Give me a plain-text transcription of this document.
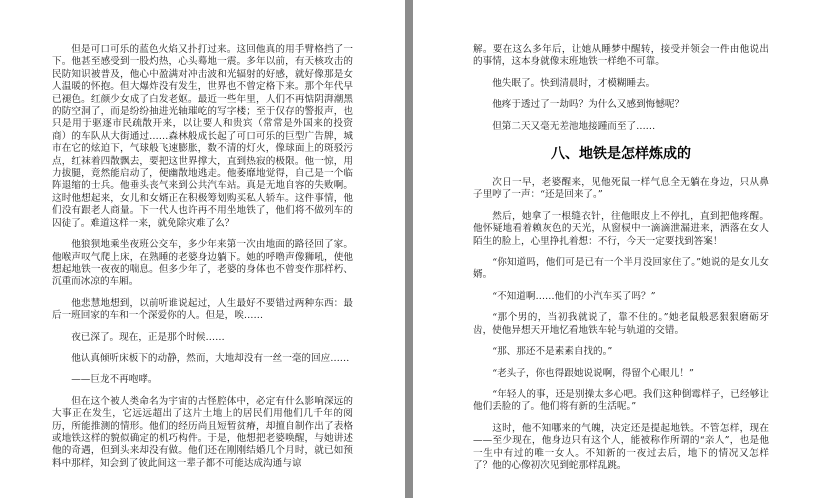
但是可口可乐的蓝色火焰又扑打过来。这回他真的用手臂格挡了一下。他甚至感受到一股灼热，心头蓦地一震。多年以前，有天核攻击的民防知识被普及，他心中盈满对冲击波和光辐射的好感，就好像那是女人温暖的怀抱。但大爆炸没有发生，世界也不曾定格下来。那个年代早已褪色。红颜少女成了白发老妪。最近一些年里，人们不再惦阴湃潮黑的防空洞了，而是纷纷抽进光轴璀屹的写字楼；至于仅存的警报声，也只是用于驱逐市民疏散开来，以让要人和贵宾（常常是外国来的投资商）的车队从大街通过……森林般成长起了可口可乐的巨型广告牌，城市在它的炫迫下，气球般飞速膨胀，数不清的灯火，像球面上的斑驳污点，红袜着四散飘去，要把这世界撑大，直到热寂的极限。他一惊，用力拔腿，竟然能启动了，便幽散地逃走。他萎靡地觉得，自己是一个临阵退缩的士兵。他垂头丧气来到公共汽车站。真是无地自容的失败啊。这时他想起来，女儿和女婿正在积极筹划购买私人轿车。这件事情，他们没有跟老人商量。下一代人也许再不用坐地铁了，他们将不做列车的囚徒了。难道这样一来，就免除灾难了么？

他狼狈地乘坐夜班公交车，多少年来第一次由地面的路径回了家。他喉声叹气爬上床，在熟睡的老婆身边躺下。她的呼噜声像狮吼，使他想起地铁一夜夜的喘息。但多少年了，老婆的身体也不曾变作那样朽、沉重而冰凉的车厢。

他悲慧地想到，以前听谁说起过，人生最好不要错过两种东西：最后一班回家的车和一个深爱你的人。但是，唉……

夜已深了。现在，正是那个时候……

他认真倾听床板下的动静，然而，大地却没有一丝一毫的回应……

——巨龙不再咆哮。

但在这个被人类命名为宇宙的古怪腔体中，必定有什么影响深远的大事正在发生，它远远超出了这片土地上的居民们用他们几千年的阅历，所能推测的情形。他们的经历尚且短暂贫瘠，却擅自制作出了表格或地铁这样的貌似确定的机巧构件。于是，他想把老婆唤醒，与她讲述他的奇遇，但到头来却没有做。他们还在刚刚结婚几个月时，就已如预料中那样，知会到了彼此间这一辈子都不可能达成沟通与谅

解。要在这么多年后，让她从睡梦中醒转，接受并领会一件由他说出的事情，这本身就像末班地铁一样绝不可靠。

他失眠了。快到清晨时，才模糊睡去。

他疼于透过了一劫吗？为什么又感到悔憾呢？

但第二天又毫无差池地接踵而至了……

八、地铁是怎样炼成的

次日一早，老婆醒来，见他死鼠一样气息全无躺在身边，只从鼻子里哼了一声：“还是回来了。”

然后，她拿了一根缝衣针，往他眼皮上不停扎，直到把他疼醒。他怀疑地看着赖灰色的天光，从窗棂中一滴滴泄漏进来，洒落在女人陌生的脸上，心里挣扎着想：不行，今天一定要找到答案！

“你知道吗，他们可是已有一个半月没回家住了。”她说的是女儿女婿。

“不知道啊……他们的小汽车买了吗？”

“那个男的，当初我就说了，靠不住的。”她老鼠般恶狠狠磨砺牙齿，使他异想天开地忆看地铁车轮与轨道的交错。

“那、那还不是素素自找的。”

“老头子，你也得跟她说说啊，得留个心眼儿！”

“年轻人的事，还是别操太多心吧。我们这种倒霉样子，已经够让他们丢脸的了。他们将有新的生活呢。”

这时，他不知哪来的气魄，决定还是提起地铁。不管怎样，现在——至少现在，他身边只有这个人，能被称作所谓的“亲人”，也是他一生中有过的唯一女人。不知新的一夜过去后，地下的情况又怎样了？他的心像初次见到蛇那样乱跳。
